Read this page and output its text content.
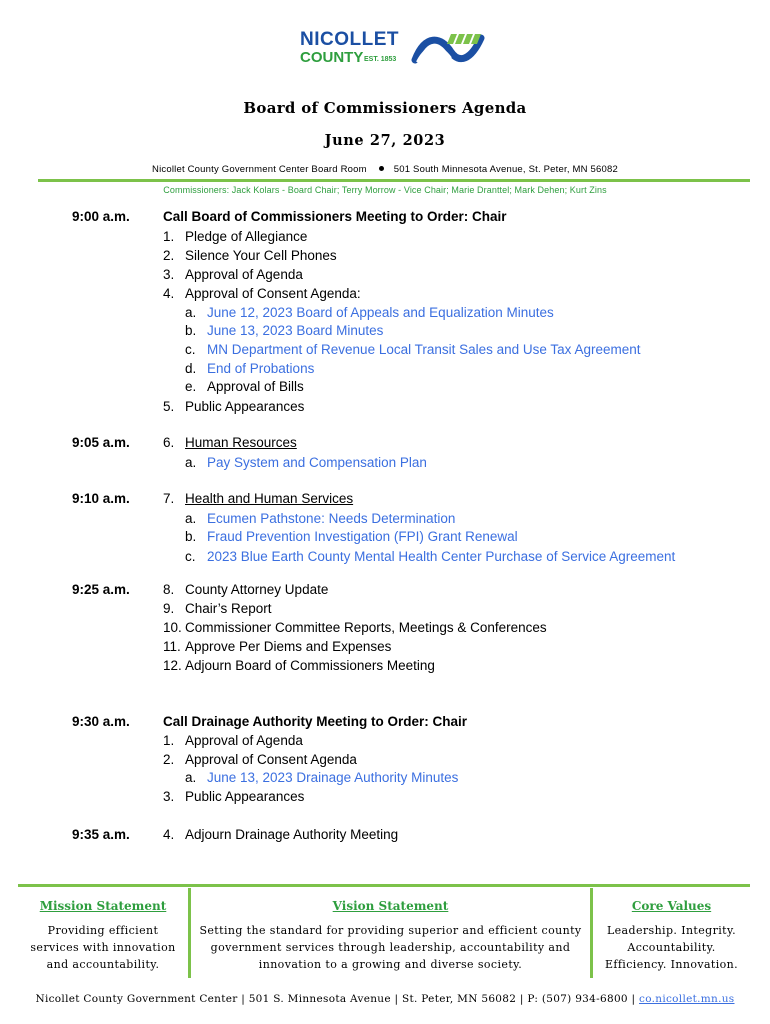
NICOLLET
COUNTY EST. 1853
Board of Commissioners Agenda
June 27, 2023
Nicollet County Government Center Board Room	501 South Minnesota Avenue, St. Peter, MN 56082
Commissioners: Jack Kolars - Board Chair; Terry Morrow - Vice Chair; Marie Dranttel; Mark Dehen; Kurt Zins
9:00 a.m. Call Board of Commissioners Meeting to Order: Chair
1. Pledge of Allegiance
2. Silence Your Cell Phones
3. Approval of Agenda
4. Approval of Consent Agenda:
a. June 12, 2023 Board of Appeals and Equalization Minutes
b. June 13, 2023 Board Minutes
c. MN Department of Revenue Local Transit Sales and Use Tax Agreement
d. End of Probations
e. Approval of Bills
5. Public Appearances
9:05 a.m. 6. Human Resources
a. Pay System and Compensation Plan
9:10 a.m. 7. Health and Human Services
a. Ecumen Pathstone: Needs Determination
b. Fraud Prevention Investigation (FPI) Grant Renewal
c. 2023 Blue Earth County Mental Health Center Purchase of Service Agreement
9:25 a.m. 8. County Attorney Update
9. Chair’s Report
10. Commissioner Committee Reports, Meetings & Conferences
11. Approve Per Diems and Expenses
12. Adjourn Board of Commissioners Meeting
9:30 a.m. Call Drainage Authority Meeting to Order: Chair
1. Approval of Agenda
2. Approval of Consent Agenda
a. June 13, 2023 Drainage Authority Minutes
3. Public Appearances
9:35 a.m. 4. Adjourn Drainage Authority Meeting
Mission Statement
Providing efficient
services with innovation
and accountability.
Vision Statement
Setting the standard for providing superior and efficient county
government services through leadership, accountability and
innovation to a growing and diverse society.
Core Values
Leadership. Integrity.
Accountability.
Efficiency. Innovation.
Nicollet County Government Center | 501 S. Minnesota Avenue | St. Peter, MN 56082 | P: (507) 934-6800 | co.nicollet.mn.us
